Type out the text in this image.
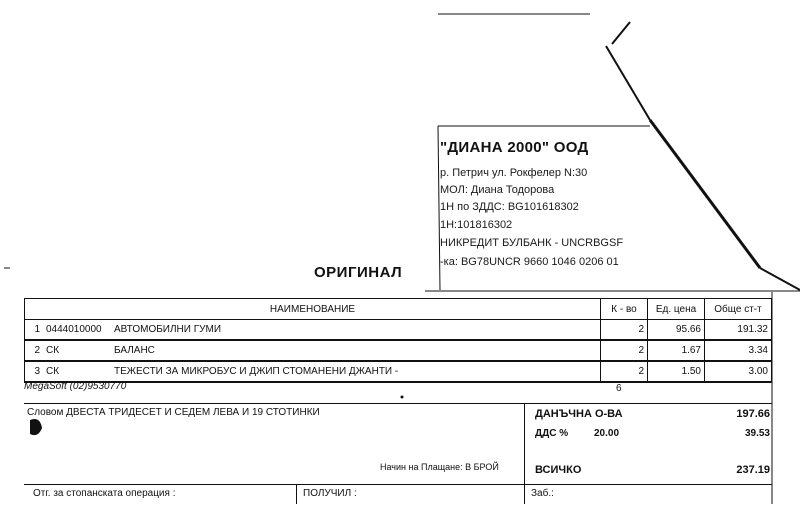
"ДИАНА 2000" ООД
р. Петрич ул. Рокфелер N:30
МОЛ: Диана Тодорова
1Н по ЗДДС: BG101618302
1Н:101816302
НИКРЕДИТ БУЛБАНК - UNCRBGSF
-ка: BG78UNCR 9660 1046 0206 01
ОРИГИНАЛ
НАИМЕНОВАНИЕ			К - во	Ед. цена	Обще ст-т
1	0444010000	АВТОМОБИЛНИ ГУМИ	2	95.66	191.32
2	СК	БАЛАНС	2	1.67	3.34
3	СК	ТЕЖЕСТИ ЗА МИКРОБУС И ДЖИП СТОМАНЕНИ ДЖАНТИ -	2	1.50	3.00
MegaSoft (02)9530770	6
Словом ДВЕСТА ТРИДЕСЕТ И СЕДЕМ ЛЕВА И 19 СТОТИНКИ
Начин на Плащане: В БРОЙ
ДАНЪЧНА О-ВА	197.66
ДДС %	20.00	39.53
ВСИЧКО	237.19
Отг. за стопанската операция :	ПОЛУЧИЛ :	Заб.:
